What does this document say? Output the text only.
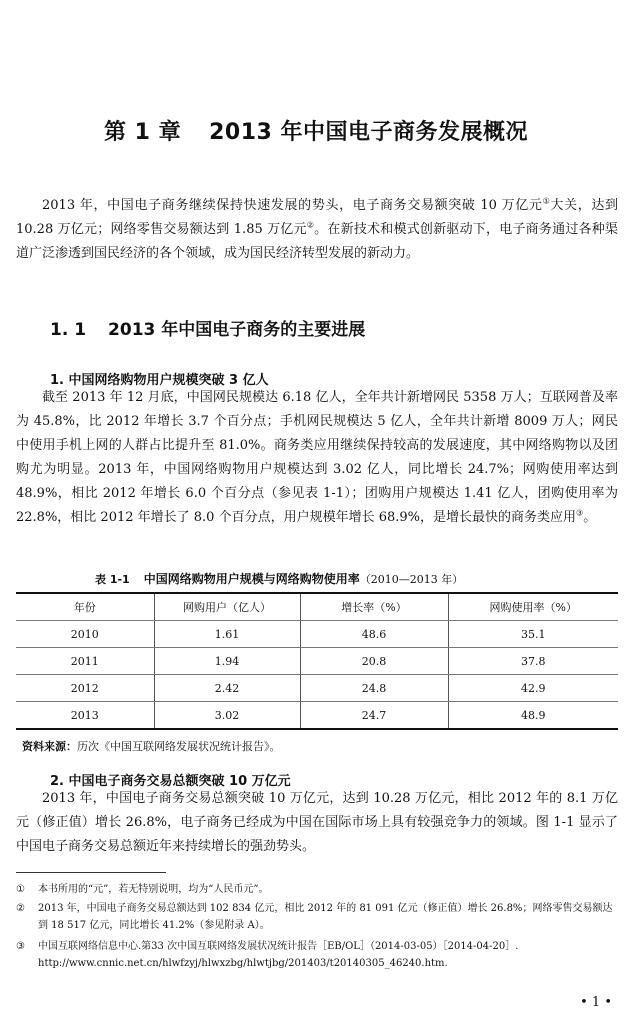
第 1 章 2013 年中国电子商务发展概况

2013 年，中国电子商务继续保持快速发展的势头，电子商务交易额突破 10 万亿元①大关，达到 10.28 万亿元；网络零售交易额达到 1.85 万亿元②。在新技术和模式创新驱动下，电子商务通过各种渠道广泛渗透到国民经济的各个领域，成为国民经济转型发展的新动力。

1. 1 2013 年中国电子商务的主要进展
1. 中国网络购物用户规模突破 3 亿人

截至 2013 年 12 月底，中国网民规模达 6.18 亿人，全年共计新增网民 5358 万人；互联网普及率为 45.8%，比 2012 年增长 3.7 个百分点；手机网民规模达 5 亿人，全年共计新增 8009 万人；网民中使用手机上网的人群占比提升至 81.0%。商务类应用继续保持较高的发展速度，其中网络购物以及团购尤为明显。2013 年，中国网络购物用户规模达到 3.02 亿人，同比增长 24.7%；网购使用率达到 48.9%，相比 2012 年增长 6.0 个百分点（参见表 1-1）；团购用户规模达 1.41 亿人，团购使用率为 22.8%，相比 2012 年增长了 8.0 个百分点，用户规模年增长 68.9%，是增长最快的商务类应用③。

表 1-1 中国网络购物用户规模与网络购物使用率（2010—2013 年）
年份	网购用户（亿人）	增长率（%）	网购使用率（%）
2010	1.61	48.6	35.1
2011	1.94	20.8	37.8
2012	2.42	24.8	42.9
2013	3.02	24.7	48.9
资料来源：历次《中国互联网络发展状况统计报告》。
2. 中国电子商务交易总额突破 10 万亿元

2013 年，中国电子商务交易总额突破 10 万亿元，达到 10.28 万亿元，相比 2012 年的 8.1 万亿元（修正值）增长 26.8%，电子商务已经成为中国在国际市场上具有较强竞争力的领域。图 1-1 显示了中国电子商务交易总额近年来持续增长的强劲势头。

① 本书所用的“元”，若无特别说明，均为“人民币元”。
② 2013 年，中国电子商务交易总额达到 102 834 亿元，相比 2012 年的 81 091 亿元（修正值）增长 26.8%；网络零售交易额达到 18 517 亿元，同比增长 41.2%（参见附录 A）。
③ 中国互联网络信息中心.第33 次中国互联网络发展状况统计报告［EB/OL］（2014-03-05）［2014-04-20］. http://www.cnnic.net.cn/hlwfzyj/hlwxzbg/hlwtjbg/201403/t20140305_46240.htm.
• 1 •
